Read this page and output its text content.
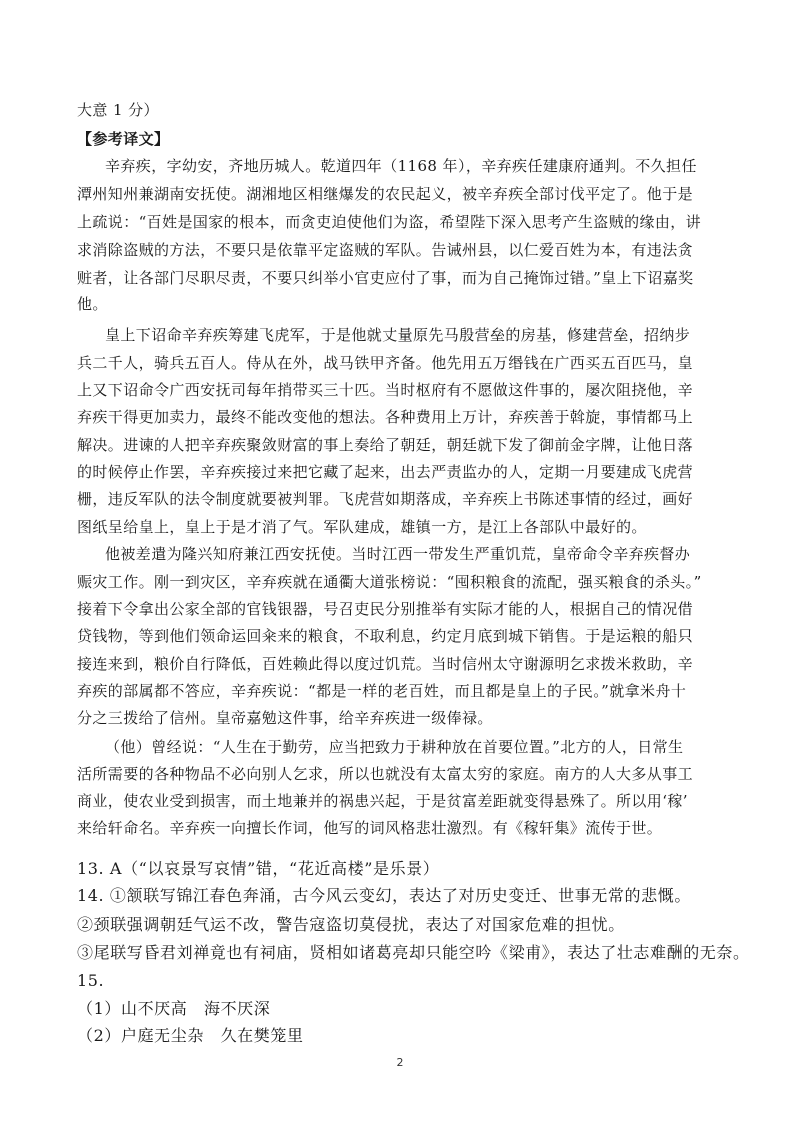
大意 1 分）
【参考译文】
辛弃疾，字幼安，齐地历城人。乾道四年（1168 年），辛弃疾任建康府通判。不久担任
潭州知州兼湖南安抚使。湖湘地区相继爆发的农民起义，被辛弃疾全部讨伐平定了。他于是
上疏说：“百姓是国家的根本，而贪吏迫使他们为盗，希望陛下深入思考产生盗贼的缘由，讲
求消除盗贼的方法，不要只是依靠平定盗贼的军队。告诫州县，以仁爱百姓为本，有违法贪
赃者，让各部门尽职尽责，不要只纠举小官吏应付了事，而为自己掩饰过错。”皇上下诏嘉奖
他。
皇上下诏命辛弃疾筹建飞虎军，于是他就丈量原先马殷营垒的房基，修建营垒，招纳步
兵二千人，骑兵五百人。侍从在外，战马铁甲齐备。他先用五万缗钱在广西买五百匹马，皇
上又下诏命令广西安抚司每年捎带买三十匹。当时枢府有不愿做这件事的，屡次阻挠他，辛
弃疾干得更加卖力，最终不能改变他的想法。各种费用上万计，弃疾善于斡旋，事情都马上
解决。进谏的人把辛弃疾聚敛财富的事上奏给了朝廷，朝廷就下发了御前金字牌，让他日落
的时候停止作罢，辛弃疾接过来把它藏了起来，出去严责监办的人，定期一月要建成飞虎营
栅，违反军队的法令制度就要被判罪。飞虎营如期落成，辛弃疾上书陈述事情的经过，画好
图纸呈给皇上，皇上于是才消了气。军队建成，雄镇一方，是江上各部队中最好的。
他被差遣为隆兴知府兼江西安抚使。当时江西一带发生严重饥荒，皇帝命令辛弃疾督办
赈灾工作。刚一到灾区，辛弃疾就在通衢大道张榜说：“囤积粮食的流配，强买粮食的杀头。”
接着下令拿出公家全部的官钱银器，号召吏民分别推举有实际才能的人，根据自己的情况借
贷钱物，等到他们领命运回籴来的粮食，不取利息，约定月底到城下销售。于是运粮的船只
接连来到，粮价自行降低，百姓赖此得以度过饥荒。当时信州太守谢源明乞求拨米救助，辛
弃疾的部属都不答应，辛弃疾说：“都是一样的老百姓，而且都是皇上的子民。”就拿米舟十
分之三拨给了信州。皇帝嘉勉这件事，给辛弃疾进一级俸禄。
（他）曾经说：“人生在于勤劳，应当把致力于耕种放在首要位置。”北方的人，日常生
活所需要的各种物品不必向别人乞求，所以也就没有太富太穷的家庭。南方的人大多从事工
商业，使农业受到损害，而土地兼并的祸患兴起，于是贫富差距就变得悬殊了。所以用‘稼’
来给轩命名。辛弃疾一向擅长作词，他写的词风格悲壮激烈。有《稼轩集》流传于世。
13. A（“以哀景写哀情”错，“花近高楼”是乐景）
14. ①颔联写锦江春色奔涌，古今风云变幻，表达了对历史变迁、世事无常的悲慨。
②颈联强调朝廷气运不改，警告寇盗切莫侵扰，表达了对国家危难的担忧。
③尾联写昏君刘禅竟也有祠庙，贤相如诸葛亮却只能空吟《梁甫》，表达了壮志难酬的无奈。
15.
（1）山不厌高　海不厌深
（2）户庭无尘杂　久在樊笼里
2
